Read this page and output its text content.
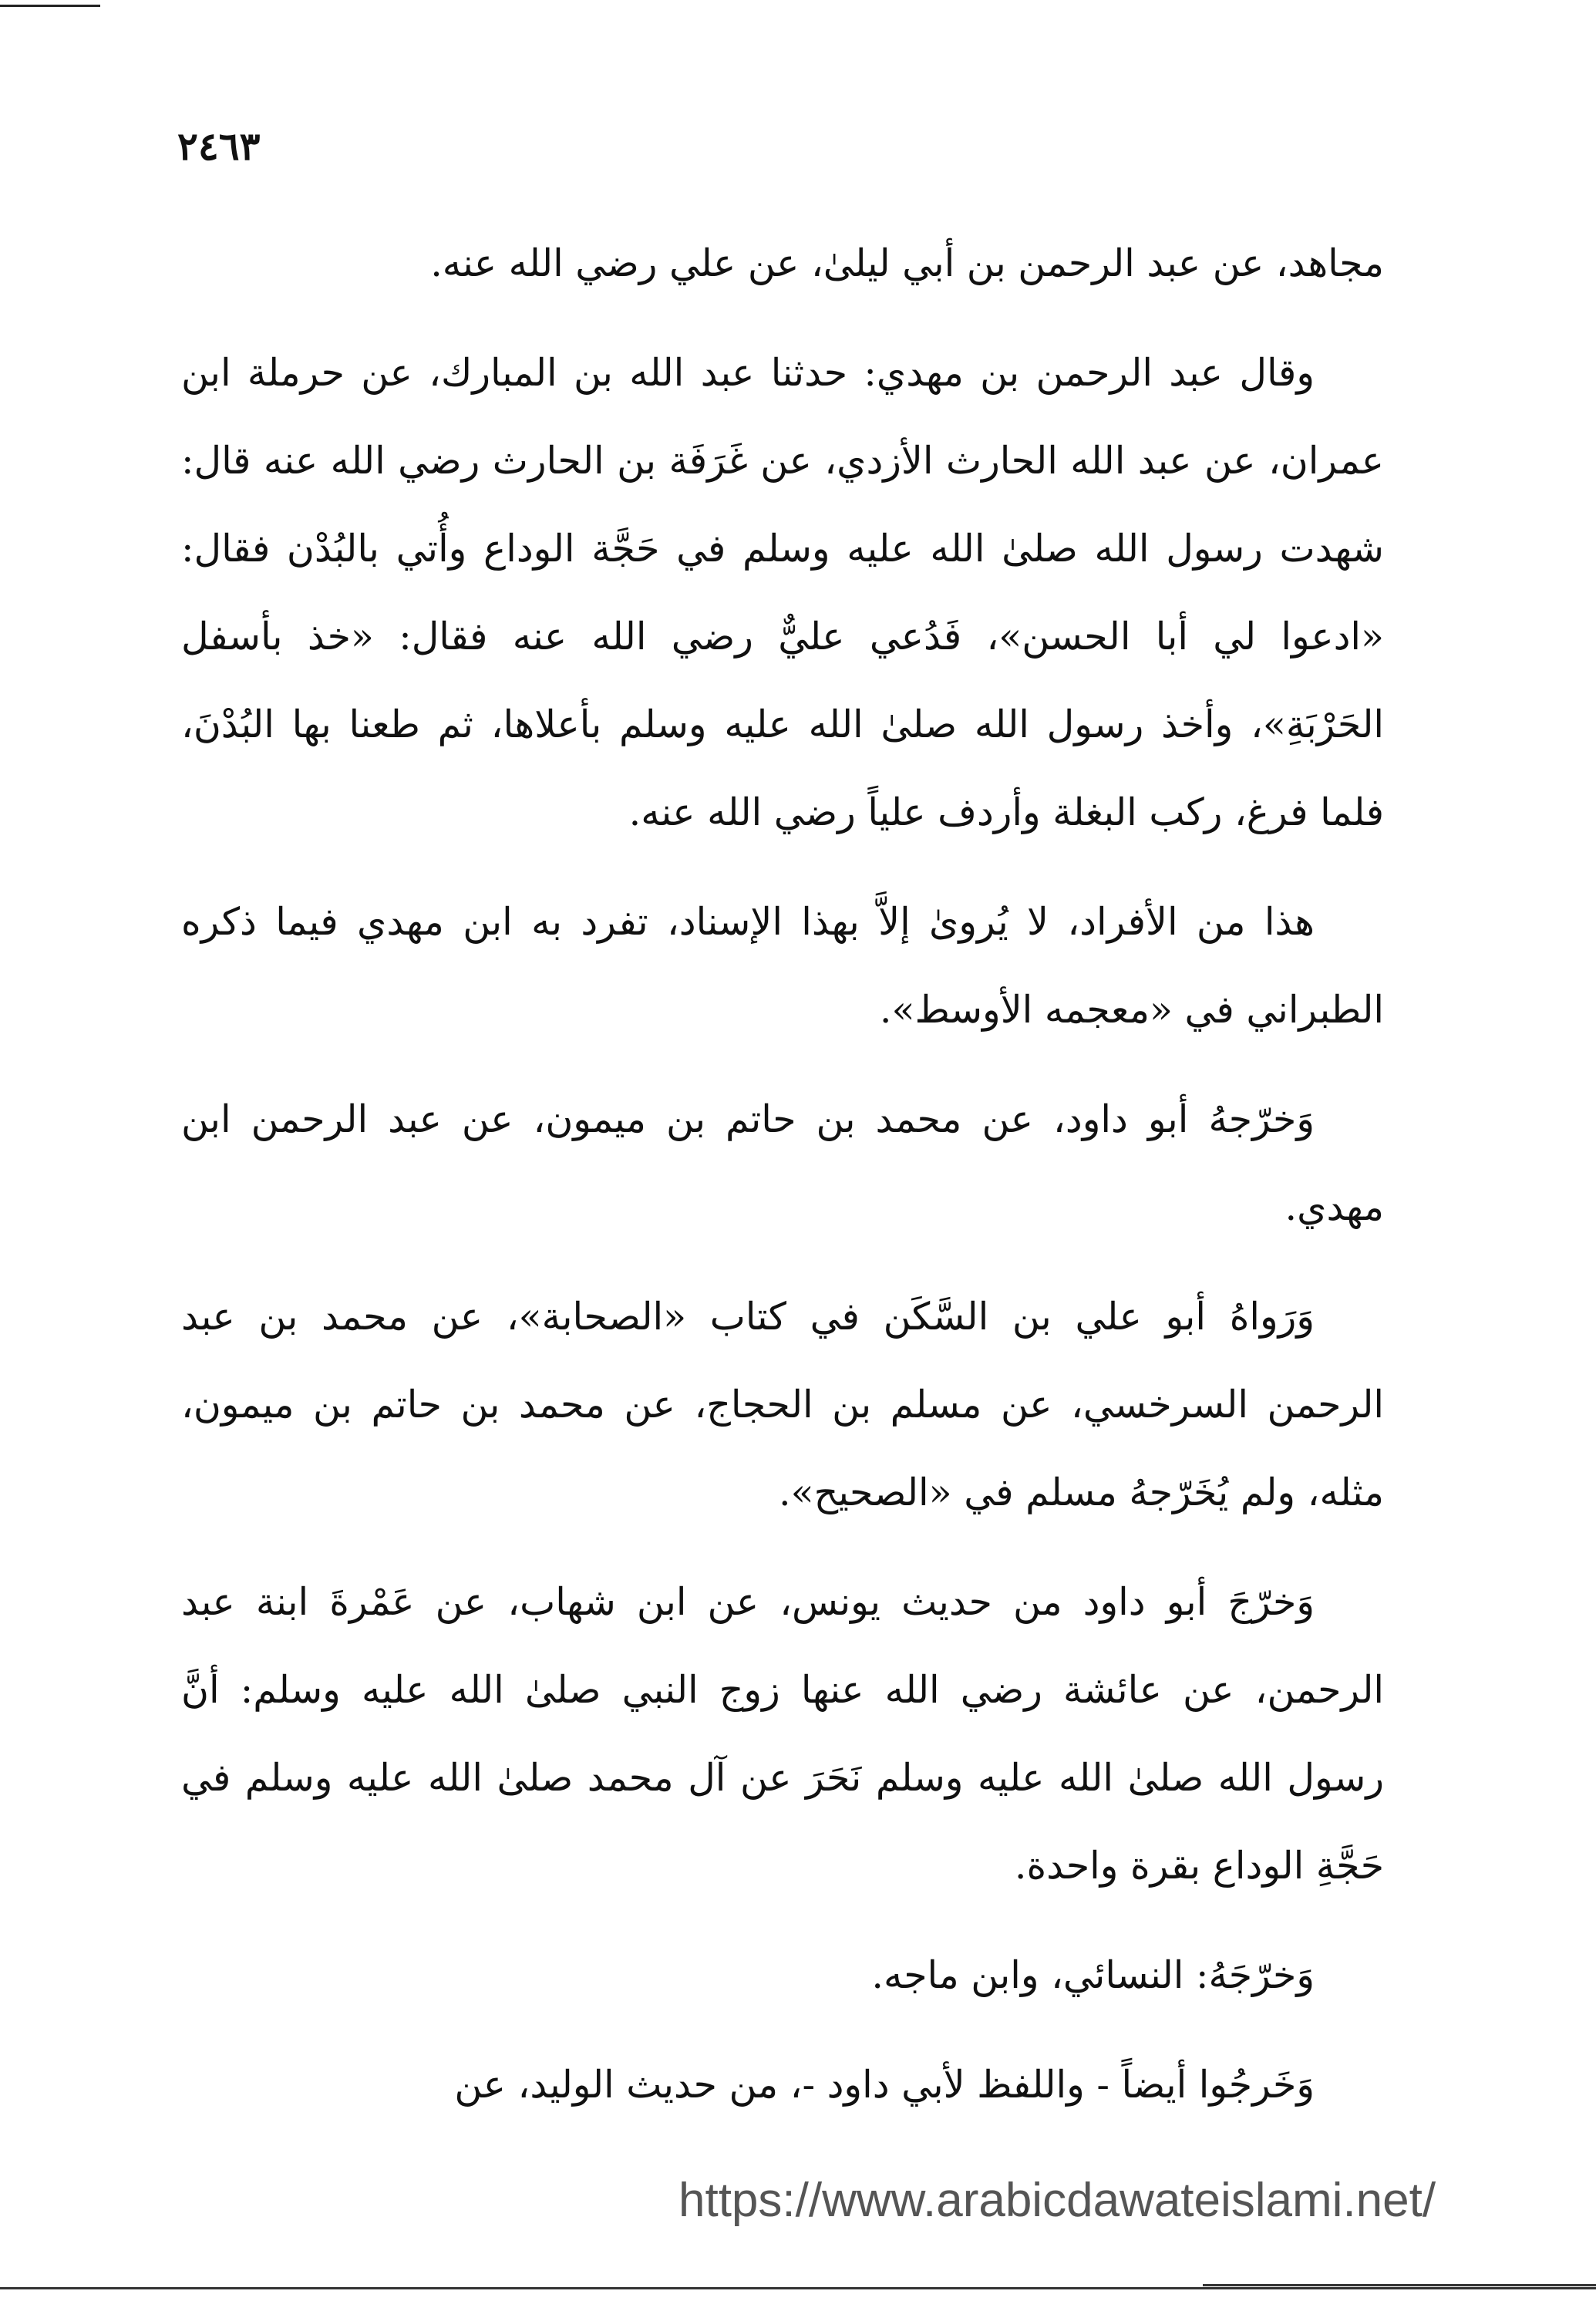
٢٤٦٣

مجاهد، عن عبد الرحمن بن أبي ليلىٰ، عن علي رضي الله عنه.

وقال عبد الرحمن بن مهدي: حدثنا عبد الله بن المبارك، عن حرملة ابن عمران، عن عبد الله الحارث الأزدي، عن غَرَفَة بن الحارث رضي الله عنه قال: شهدت رسول الله صلىٰ الله عليه وسلم في حَجَّة الوداع وأُتي بالبُدْن فقال: «ادعوا لي أبا الحسن»، فَدُعي عليٌّ رضي الله عنه فقال: «خذ بأسفل الحَرْبَةِ»، وأخذ رسول الله صلىٰ الله عليه وسلم بأعلاها، ثم طعنا بها البُدْنَ، فلما فرغ، ركب البغلة وأردف علياً رضي الله عنه.

هذا من الأفراد، لا يُروىٰ إلاَّ بهذا الإسناد، تفرد به ابن مهدي فيما ذكره الطبراني في «معجمه الأوسط».

وَخرّجهُ أبو داود، عن محمد بن حاتم بن ميمون، عن عبد الرحمن ابن مهدي.

وَرَواهُ أبو علي بن السَّكَن في كتاب «الصحابة»، عن محمد بن عبد الرحمن السرخسي، عن مسلم بن الحجاج، عن محمد بن حاتم بن ميمون، مثله، ولم يُخَرّجهُ مسلم في «الصحيح».

وَخرّجَ أبو داود من حديث يونس، عن ابن شهاب، عن عَمْرةَ ابنة عبد الرحمن، عن عائشة رضي الله عنها زوج النبي صلىٰ الله عليه وسلم: أنَّ رسول الله صلىٰ الله عليه وسلم نَحَرَ عن آل محمد صلىٰ الله عليه وسلم في حَجَّةِ الوداع بقرة واحدة.

وَخرّجَهُ: النسائي، وابن ماجه.

وَخَرجُوا أيضاً - واللفظ لأبي داود -، من حديث الوليد، عن

https://www.arabicdawateislami.net/
